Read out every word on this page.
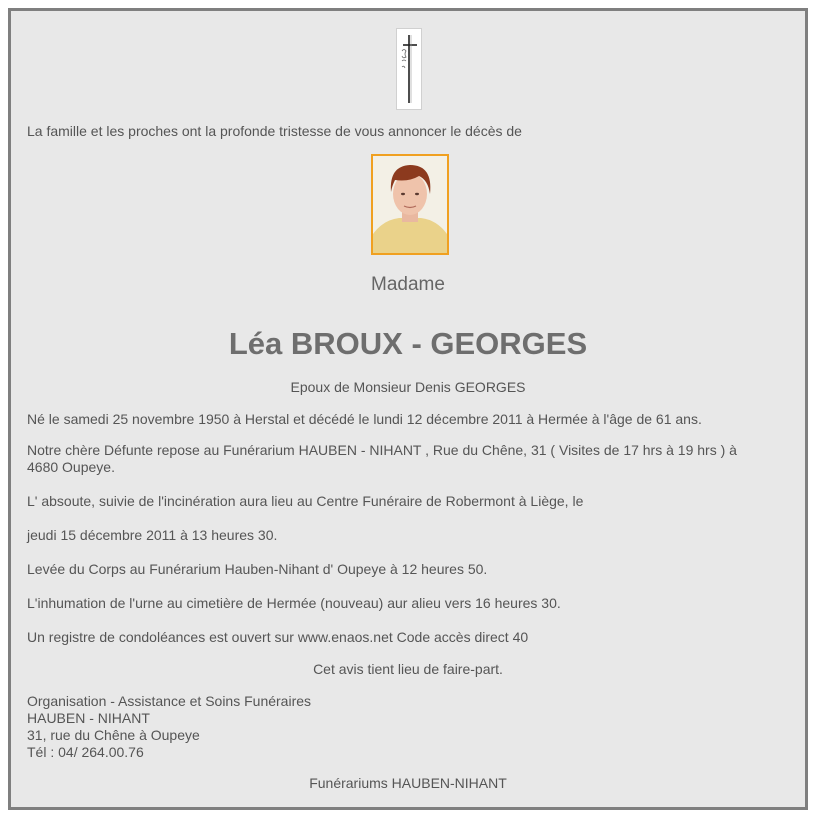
La famille et les proches ont la profonde tristesse de vous annoncer le décès de
Madame
Léa BROUX - GEORGES
Epoux de Monsieur Denis GEORGES
Né le samedi 25 novembre 1950 à Herstal et décédé le lundi 12 décembre 2011 à Hermée à l'âge de 61 ans.
Notre chère Défunte repose au Funérarium HAUBEN - NIHANT , Rue du Chêne, 31 ( Visites de 17 hrs à 19 hrs ) à
4680 Oupeye.
L' absoute, suivie de l'incinération aura lieu au Centre Funéraire de Robermont à Liège, le
jeudi 15 décembre 2011 à 13 heures 30.
Levée du Corps au Funérarium Hauben-Nihant d' Oupeye à 12 heures 50.
L'inhumation de l'urne au cimetière de Hermée (nouveau) aur alieu vers 16 heures 30.
Un registre de condoléances est ouvert sur www.enaos.net Code accès direct 40
Cet avis tient lieu de faire-part.
Organisation - Assistance et Soins Funéraires
HAUBEN - NIHANT
31, rue du Chêne à Oupeye
Tél : 04/ 264.00.76
Funérariums HAUBEN-NIHANT
